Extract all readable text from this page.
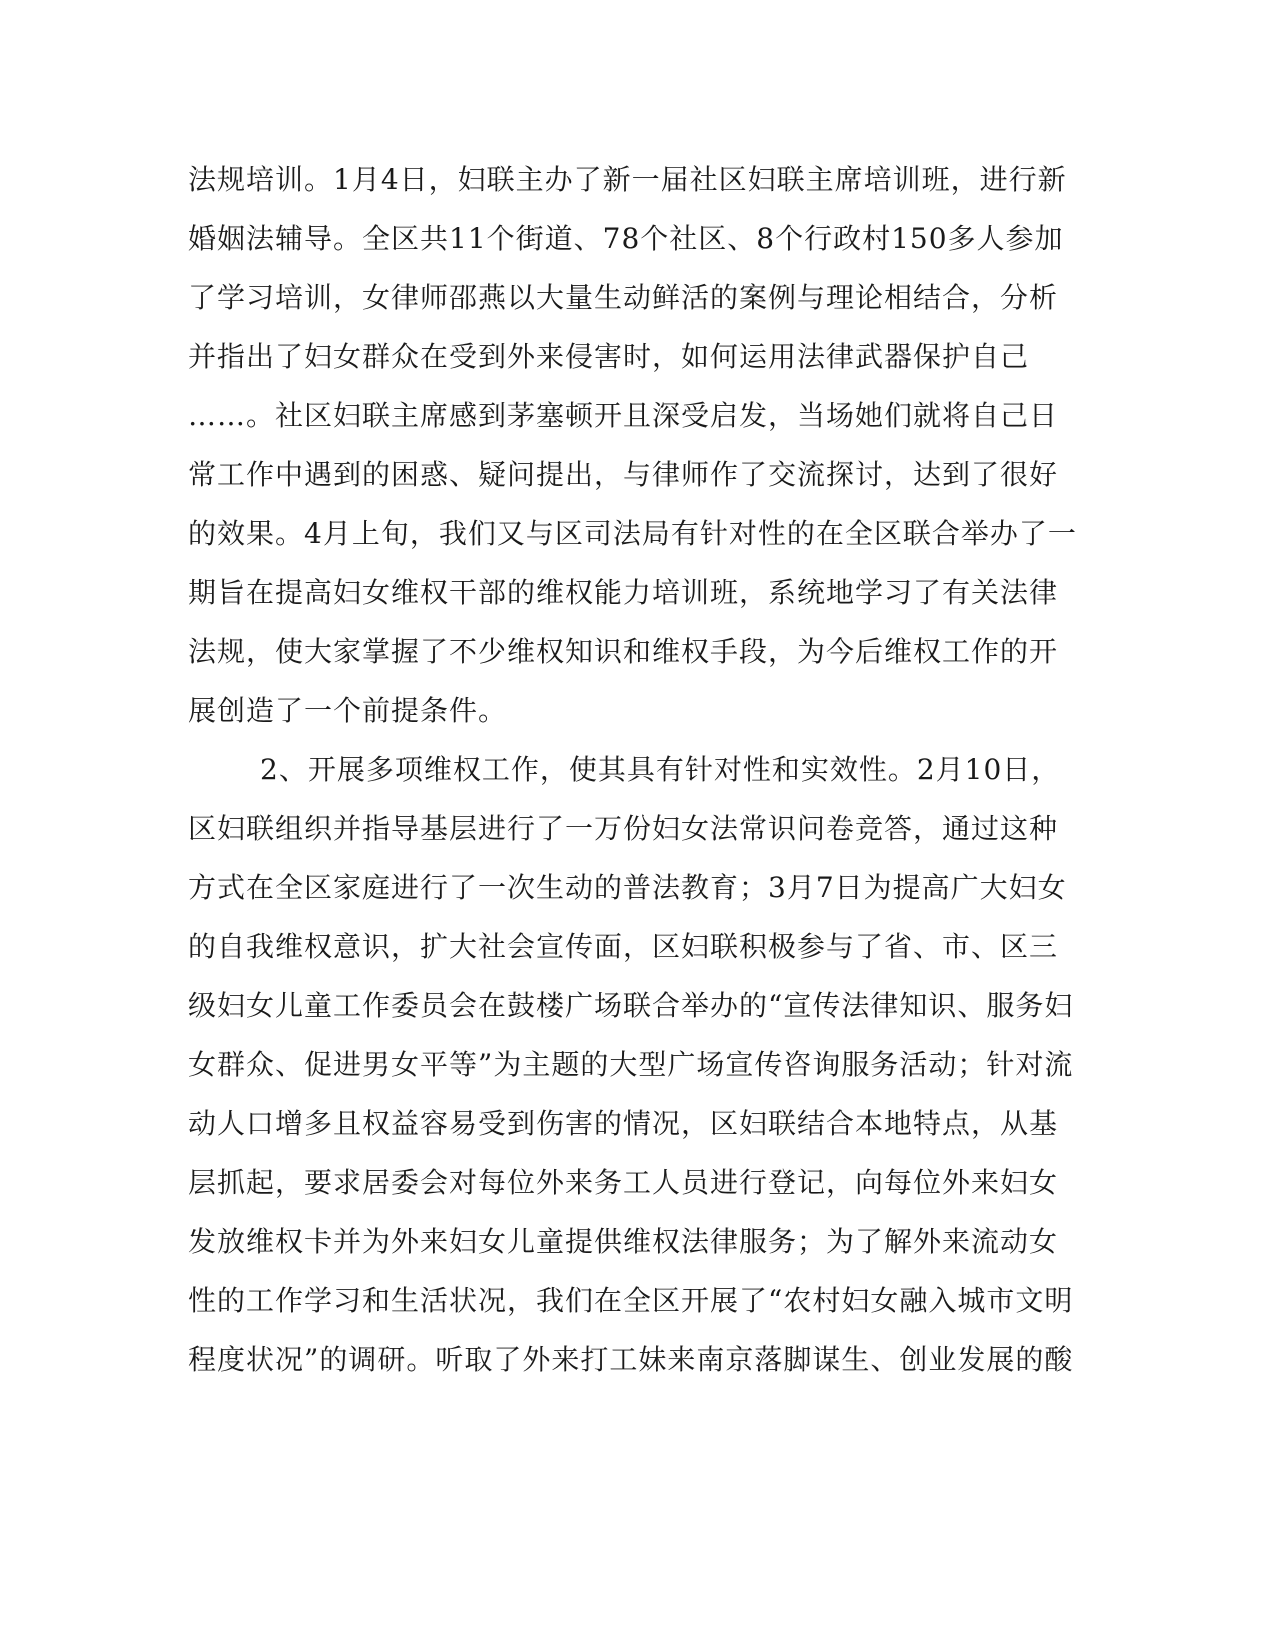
法规培训。1月4日，妇联主办了新一届社区妇联主席培训班，进行新
婚姻法辅导。全区共11个街道、78个社区、8个行政村150多人参加
了学习培训，女律师邵燕以大量生动鲜活的案例与理论相结合，分析
并指出了妇女群众在受到外来侵害时，如何运用法律武器保护自己
……。社区妇联主席感到茅塞顿开且深受启发，当场她们就将自己日
常工作中遇到的困惑、疑问提出，与律师作了交流探讨，达到了很好
的效果。4月上旬，我们又与区司法局有针对性的在全区联合举办了一
期旨在提高妇女维权干部的维权能力培训班，系统地学习了有关法律
法规，使大家掌握了不少维权知识和维权手段，为今后维权工作的开
展创造了一个前提条件。
2、开展多项维权工作，使其具有针对性和实效性。2月10日，
区妇联组织并指导基层进行了一万份妇女法常识问卷竞答，通过这种
方式在全区家庭进行了一次生动的普法教育；3月7日为提高广大妇女
的自我维权意识，扩大社会宣传面，区妇联积极参与了省、市、区三
级妇女儿童工作委员会在鼓楼广场联合举办的“宣传法律知识、服务妇
女群众、促进男女平等”为主题的大型广场宣传咨询服务活动；针对流
动人口增多且权益容易受到伤害的情况，区妇联结合本地特点，从基
层抓起，要求居委会对每位外来务工人员进行登记，向每位外来妇女
发放维权卡并为外来妇女儿童提供维权法律服务；为了解外来流动女
性的工作学习和生活状况，我们在全区开展了“农村妇女融入城市文明
程度状况”的调研。听取了外来打工妹来南京落脚谋生、创业发展的酸
